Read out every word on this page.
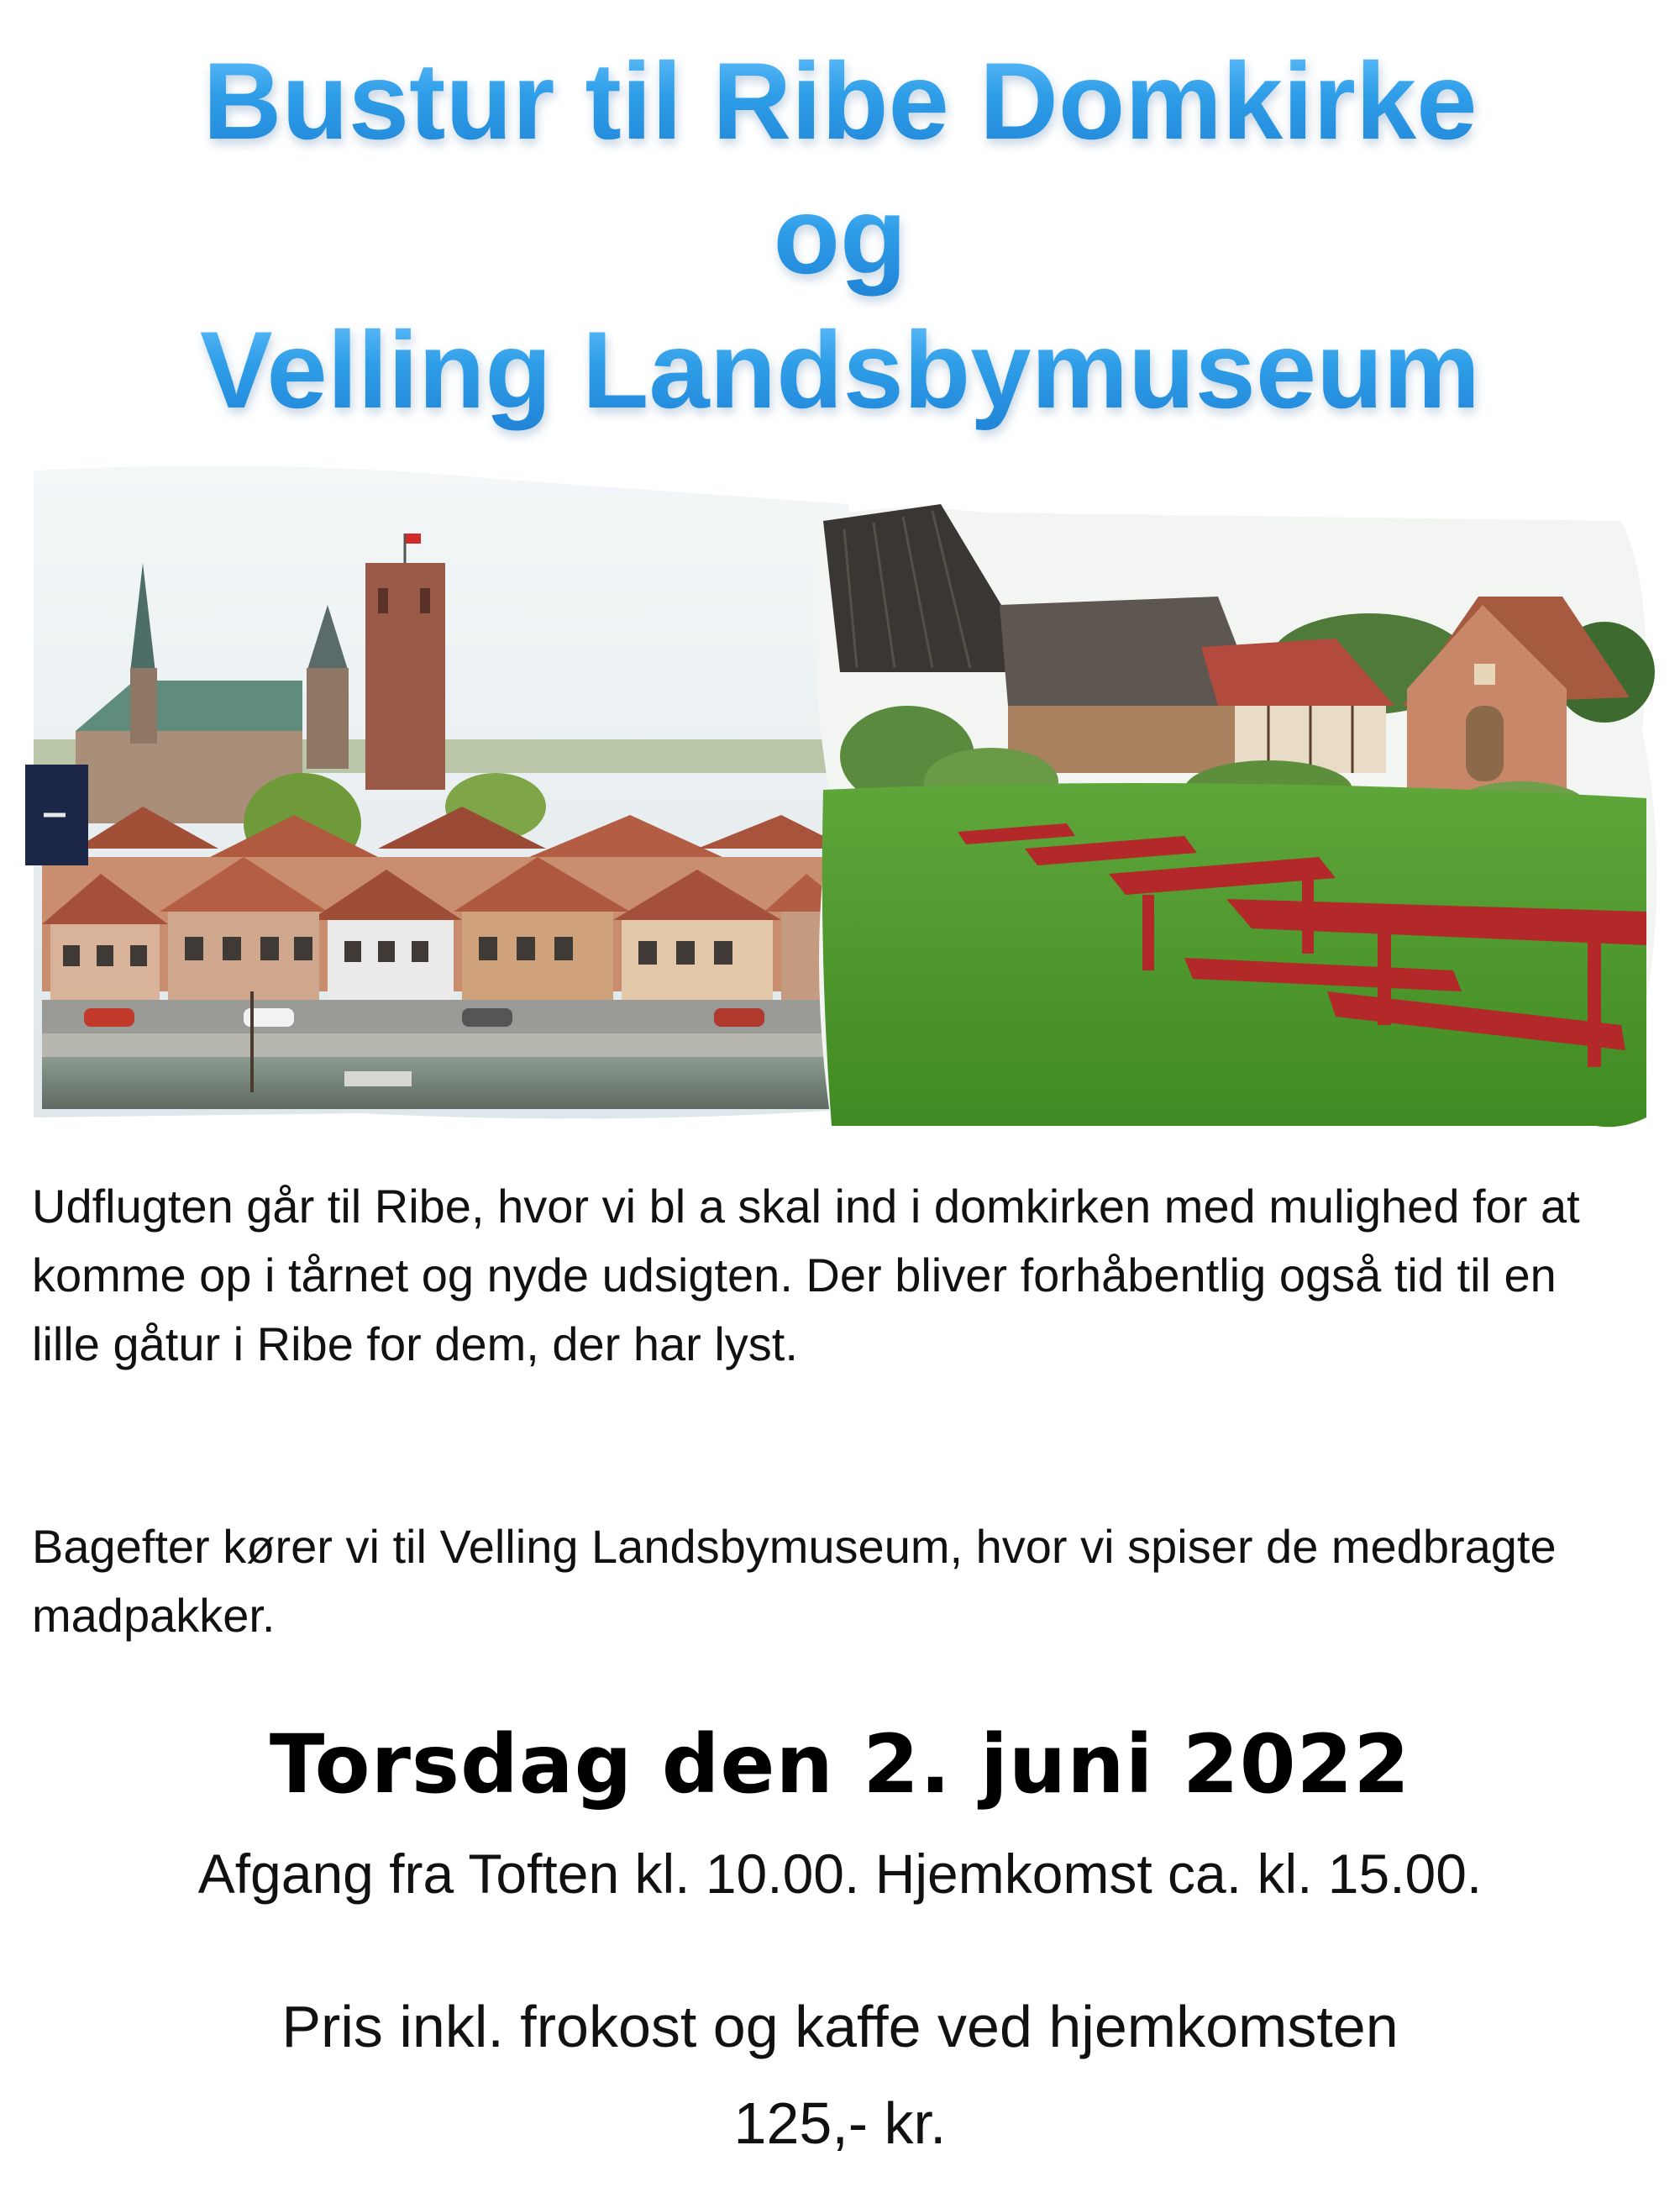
Bustur til Ribe Domkirke
og
Velling Landsbymuseum
Udflugten går til Ribe, hvor vi bl a skal ind i domkirken med mulighed for at komme op i tårnet og nyde udsigten. Der bliver forhåbentlig også tid til en lille gåtur i Ribe for dem, der har lyst.
Bagefter kører vi til Velling Landsbymuseum, hvor vi spiser de medbragte madpakker.
Torsdag den 2. juni 2022
Afgang fra Toften kl. 10.00. Hjemkomst ca. kl. 15.00.
Pris inkl. frokost og kaffe ved hjemkomsten
125,- kr.
